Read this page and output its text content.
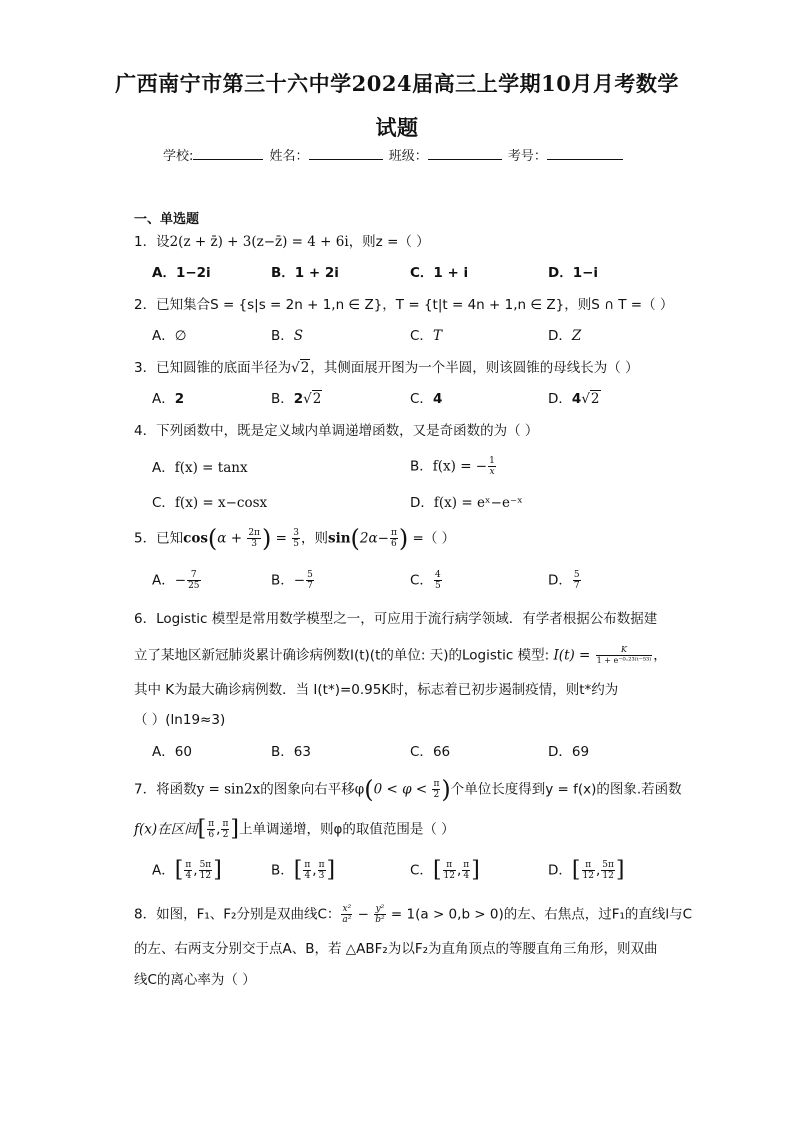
广西南宁市第三十六中学2024届高三上学期10月月考数学
试题
学校:	姓名：	班级：	考号：
一、单选题
1．设2(z + z̄) + 3(z−z̄) = 4 + 6i，则z =（ ）
A．1−2i	B．1 + 2i	C．1 + i	D．1−i
2．已知集合S = {s|s = 2n + 1,n ∈ Z}，T = {t|t = 4n + 1,n ∈ Z}，则S ∩ T =（ ）
A．∅	B．S	C．T	D．Z
3．已知圆锥的底面半径为√2，其侧面展开图为一个半圆，则该圆锥的母线长为（ ）
A．2	B．2√2	C．4	D．4√2
4．下列函数中，既是定义域内单调递增函数，又是奇函数的为（ ）
A．f(x) = tanx	B．f(x) = − $\frac{1}{x}$
C．f(x) = x−cosx	D．f(x) = eˣ−e⁻ˣ
5．已知$\cos(\alpha + \frac{2\pi}{3}$ ) = $\frac{3}{5}$ ，则$\sin(2\alpha- \frac{\pi}{6}$ ) =（ ）
A．− $\frac{7}{25}$	B．− $\frac{5}{7}$	C． $\frac{4}{5}$	D． $\frac{5}{7}$
6．Logistic 模型是常用数学模型之一，可应用于流行病学领域．有学者根据公布数据建
立了某地区新冠肺炎累计确诊病例数I(t)(t的单位: 天)的Logistic 模型: $I(t) = \frac{K}{\text{1 + e⁻⁰·²³⁽ᵗ⁻⁵³⁾}}$ ，
其中 K为最大确诊病例数．当 I(t*)=0.95K时，标志着已初步遏制疫情，则t*约为
（ ）(ln19≈3)
A．60	B．63	C．66	D．69
7．将函数y = sin2x的图象向右平移$\varphi(0 < \varphi < \frac{\pi}{2}$ )个单位长度得到y = f(x)的图象.若函数
f(x)在区间[ $\frac{\pi}{6}$ , $\frac{\pi}{2}$ ]上单调递增，则φ的取值范围是（ ）
A．[ $\frac{\pi}{4}$ , $\frac{5\pi}{12}$ ]	B．[ $\frac{\pi}{4}$ , $\frac{\pi}{3}$ ]	C．[ $\frac{\pi}{12}$ , $\frac{\pi}{4}$ ]	D．[ $\frac{\pi}{12}$ , $\frac{5\pi}{12}$ ]
8．如图，F₁、F₂分别是双曲线C： $\frac{\text{x²}}{\text{a²}} - \frac{\text{y²}}{\text{b²}} = 1(a > 0,b > 0)$的左、右焦点，过F₁的直线l与C
的左、右两支分别交于点A、B，若 △ABF₂为以F₂为直角顶点的等腰直角三角形，则双曲
线C的离心率为（ ）
